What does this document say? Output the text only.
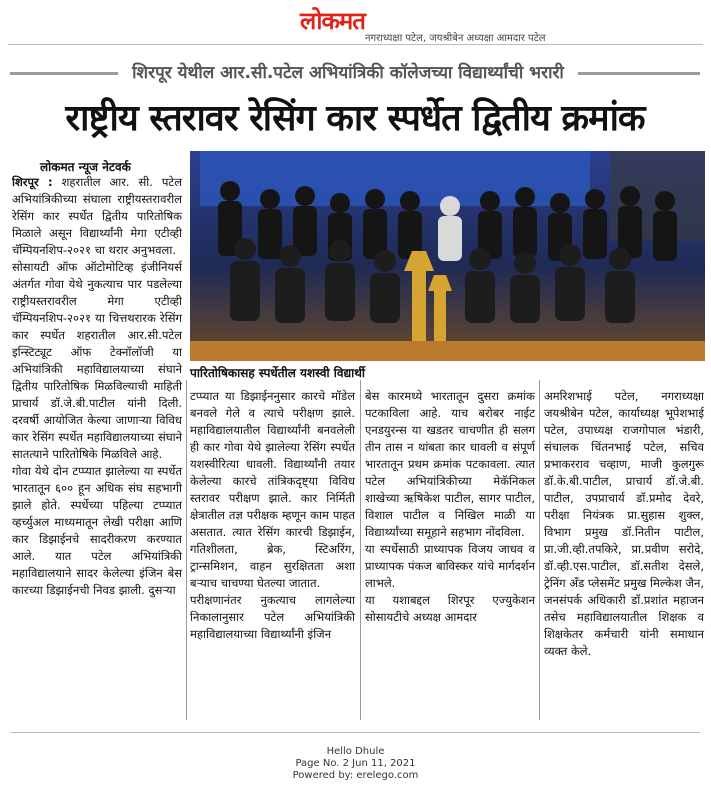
लोकमत
नगराध्यक्षा पटेल, जयश्रीबेन अध्यक्षा आमदार पटेल
शिरपूर येथील आर.सी.पटेल अभियांत्रिकी कॉलेजच्या विद्यार्थ्यांची भरारी
राष्ट्रीय स्तरावर रेसिंग कार स्पर्धेत द्वितीय क्रमांक
लोकमत न्यूज नेटवर्क

शिरपूर : शहरातील आर. सी. पटेल अभियांत्रिकीच्या संघाला राष्ट्रीयस्तरावरील रेसिंग कार स्पर्धेत द्वितीय पारितोषिक मिळाले असून विद्यार्थ्यांनी मेगा एटीव्ही चॅम्पियनशिप-२०२१ चा थरार अनुभवला.

सोसायटी ऑफ ऑटोमोटिव्ह इंजीनियर्स अंतर्गत गोवा येथे नुकत्याच पार पडलेल्या राष्ट्रीयस्तरावरील मेगा एटीव्ही चॅम्पियनशिप-२०२१ या चित्तथरारक रेसिंग कार स्पर्धेत शहरातील आर.सी.पटेल इन्स्टिट्यूट ऑफ टेक्नॉलॉजी या अभियांत्रिकी महाविद्यालयाच्या संघाने द्वितीय पारितोषिक मिळविल्याची माहिती प्राचार्य डॉ.जे.बी.पाटील यांनी दिली. दरवर्षी आयोजित केल्या जाणाऱ्या विविध कार रेसिंग स्पर्धेत महाविद्यालयाच्या संघाने सातत्याने पारितोषिके मिळविले आहे.

गोवा येथे दोन टप्प्यात झालेल्या या स्पर्धेत भारतातून ६०० हून अधिक संघ सहभागी झाले होते. स्पर्धेच्या पहिल्या टप्प्यात व्हर्च्युअल माध्यमातून लेखी परीक्षा आणि कार डिझाईनचे सादरीकरण करण्यात आले. यात पटेल अभियांत्रिकी महाविद्यालयाने सादर केलेल्या इंजिन बेस कारच्या डिझाईनची निवड झाली. दुसऱ्या

पारितोषिकासह स्पर्धेतील यशस्वी विद्यार्थी

टप्प्यात या डिझाईननुसार कारचे मॉडेल बनवले गेले व त्याचे परीक्षण झाले. महाविद्यालयातील विद्यार्थ्यांनी बनवलेली ही कार गोवा येथे झालेल्या रेसिंग स्पर्धेत यशस्वीरित्या धावली. विद्यार्थ्यांनी तयार केलेल्या कारचे तांत्रिकदृष्ट्या विविध स्तरावर परीक्षण झाले. कार निर्मिती क्षेत्रातील तज्ञ परीक्षक म्हणून काम पाहत असतात. त्यात रेसिंग कारची डिझाईन, गतिशीलता, ब्रेक, स्टिअरिंग, ट्रान्समिशन, वाहन सुरक्षितता अशा बऱ्याच चाचण्या घेतल्या जातात.

परीक्षणानंतर नुकत्याच लागलेल्या निकालानुसार पटेल अभियांत्रिकी महाविद्यालयाच्या विद्यार्थ्यांनी इंजिन

बेस कारमध्ये भारतातून दुसरा क्रमांक पटकाविला आहे. याच बरोबर नाईट एनडयुरन्स या खडतर चाचणीत ही सलग तीन तास न थांबता कार धावली व संपूर्ण भारतातून प्रथम क्रमांक पटकावला. त्यात पटेल अभियांत्रिकीच्या मेकॅनिकल शाखेच्या ऋषिकेश पाटील, सागर पाटील, विशाल पाटील व निखिल माळी या विद्यार्थ्यांच्या समूहाने सहभाग नोंदविला.

या स्पर्धेसाठी प्राध्यापक विजय जाधव व प्राध्यापक पंकज बाविस्कर यांचे मार्गदर्शन लाभले.

या यशाबद्दल शिरपूर एज्युकेशन सोसायटीचे अध्यक्ष आमदार

अमरिशभाई पटेल, नगराध्यक्षा जयश्रीबेन पटेल, कार्याध्यक्ष भूपेशभाई पटेल, उपाध्यक्ष राजगोपाल भंडारी, संचालक चिंतनभाई पटेल, सचिव प्रभाकरराव चव्हाण, माजी कुलगुरू डॉ.के.बी.पाटील, प्राचार्य डॉ.जे.बी. पाटील, उपप्राचार्य डॉ.प्रमोद देवरे, परीक्षा नियंत्रक प्रा.सुहास शुक्ल, विभाग प्रमुख डॉ.नितीन पाटील, प्रा.जी.व्ही.तपकिरे, प्रा.प्रवीण सरोदे, डॉ.व्ही.एस.पाटील, डॉ.सतीश देसले, ट्रेनिंग अँड प्लेसमेंट प्रमुख मिल्केश जैन, जनसंपर्क अधिकारी डॉ.प्रशांत महाजन तसेच महाविद्यालयातील शिक्षक व शिक्षकेतर कर्मचारी यांनी समाधान व्यक्त केले.

Hello Dhule
Page No. 2 Jun 11, 2021
Powered by: erelego.com
